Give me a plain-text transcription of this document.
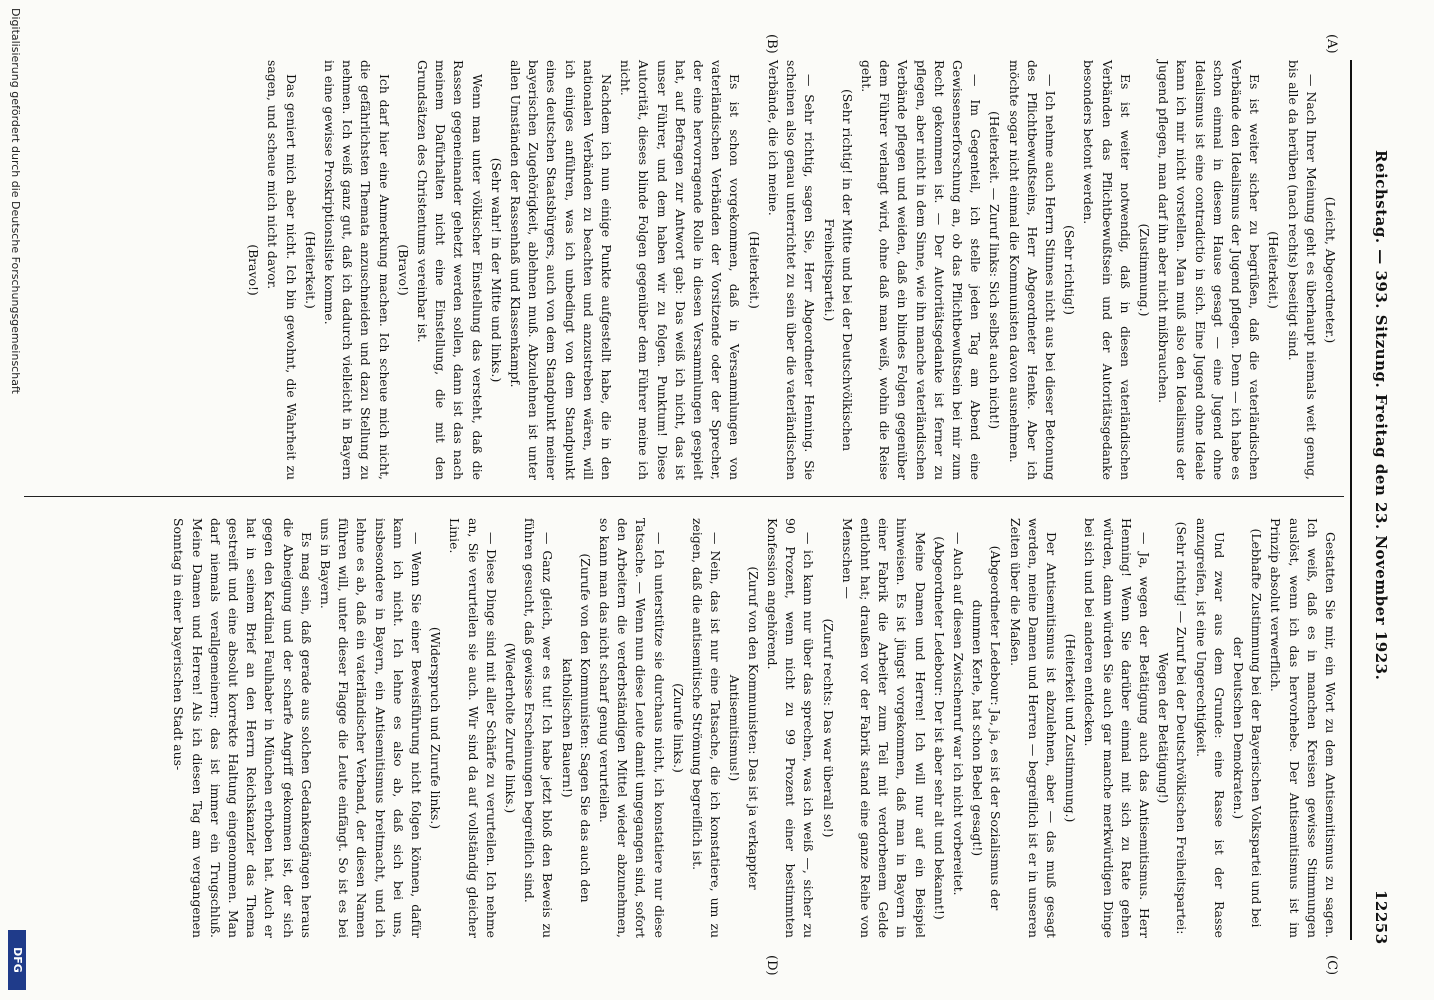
Reichstag. — 393. Sitzung. Freitag den 23. November 1923.
12253
(A)
(B)
(C)
(D)

(Leicht, Abgeordneter.)

— Nach Ihrer Meinung geht es überhaupt niemals weit genug, bis alle da herüben (nach rechts) beseitigt sind.

(Heiterkeit.)

Es ist weiter sicher zu begrüßen, daß die vaterländischen Verbände den Idealismus der Jugend pflegen. Denn — ich habe es schon einmal in diesem Hause gesagt — eine Jugend ohne Idealismus ist eine contradictio in sich. Eine Jugend ohne Ideale kann ich mir nicht vorstellen. Man muß also den Idealismus der Jugend pflegen, man darf ihn aber nicht mißbrauchen.

(Zustimmung.)

Es ist weiter notwendig, daß in diesen vaterländischen Verbänden das Pflichtbewußtsein und der Autoritätsgedanke besonders betont werden.

(Sehr richtig!)

— Ich nehme auch Herrn Stinnes nicht aus bei dieser Betonung des Pflichtbewußtseins, Herr Abgeordneter Henke. Aber ich möchte sogar nicht einmal die Kommunisten davon ausnehmen.

(Heiterkeit. — Zuruf links: Sich selbst auch nicht!)

— Im Gegenteil, ich stelle jeden Tag am Abend eine Gewissenserforschung an, ob das Pflichtbewußtsein bei mir zum Recht gekommen ist. — Der Autoritätsgedanke ist ferner zu pflegen, aber nicht in dem Sinne, wie ihn manche vaterländischen Verbände pflegen und weiden, daß ein blindes Folgen gegenüber dem Führer verlangt wird, ohne daß man weiß, wohin die Reise geht.

(Sehr richtig! in der Mitte und bei der Deutschvölkischen Freiheitspartei.)

— Sehr richtig, sagen Sie, Herr Abgeordneter Henning. Sie scheinen also genau unterrichtet zu sein über die vaterländischen Verbände, die ich meine.

(Heiterkeit.)

Es ist schon vorgekommen, daß in Versammlungen von vaterländischen Verbänden der Vorsitzende oder der Sprecher, der eine hervorragende Rolle in diesen Versammlungen gespielt hat, auf Befragen zur Antwort gab: Das weiß ich nicht, das ist unser Führer, und dem haben wir zu folgen. Punktum! Diese Autorität, dieses blinde Folgen gegenüber dem Führer meine ich nicht.

Nachdem ich nun einige Punkte aufgestellt habe, die in den nationalen Verbänden zu beachten und anzustreben wären, will ich einiges anführen, was ich unbedingt von dem Standpunkt eines deutschen Staatsbürgers, auch von dem Standpunkt meiner bayerischen Zugehörigkeit, ablehnen muß. Abzulehnen ist unter allen Umständen der Rassenhaß und Klassenkampf.

(Sehr wahr! in der Mitte und links.)

Wenn man unter völkischer Einstellung das versteht, daß die Rassen gegeneinander gehetzt werden sollen, dann ist das nach meinem Dafürhalten nicht eine Einstellung, die mit den Grundsätzen des Christentums vereinbar ist.

(Bravo!)

Ich darf hier eine Anmerkung machen. Ich scheue mich nicht, die gefährlichsten Themata anzuschneiden und dazu Stellung zu nehmen. Ich weiß ganz gut, daß ich dadurch vielleicht in Bayern in eine gewisse Proskriptionsliste komme.

(Heiterkeit.)

Das geniert mich aber nicht. Ich bin gewohnt, die Wahrheit zu sagen, und scheue mich nicht davor.

(Bravo!)

Gestatten Sie mir, ein Wort zu dem Antisemitismus zu sagen. Ich weiß, daß es in manchen Kreisen gewisse Stimmungen auslöst, wenn ich das hervorhebe. Der Antisemitismus ist im Prinzip absolut verwerflich.

(Lebhafte Zustimmung bei der Bayerischen Volkspartei und bei der Deutschen Demokraten.)

Und zwar aus dem Grunde: eine Rasse ist der Rasse anzugreifen, ist eine Ungerechtigkeit.

(Sehr richtig! — Zuruf bei der Deutschvölkischen Freiheitspartei: Wegen der Betätigung!)

— Ja, wegen der Betätigung auch das Antisemitismus. Herr Henning! Wenn Sie darüber einmal mit sich zu Rate gehen würden, dann würden Sie auch gar manche merkwürdigen Dinge bei sich und bei anderen entdecken.

(Heiterkeit und Zustimmung.)

Der Antisemitismus ist abzulehnen, aber — das muß gesagt werden, meine Damen und Herren — begreiflich ist er in unseren Zeiten über die Maßen.

(Abgeordneter Ledebour: Ja, ja, es ist der Sozialismus der dummen Kerle, hat schon Bebel gesagt!)

— Auch auf diesen Zwischenruf war ich nicht vorbereitet.

(Abgeordneter Ledebour: Der ist aber sehr alt und bekannt!)

Meine Damen und Herren! Ich will nur auf ein Beispiel hinweisen. Es ist jüngst vorgekommen, daß man in Bayern in einer Fabrik die Arbeiter zum Teil mit verdorbenem Gelde entlohnt hat; draußen vor der Fabrik stand eine ganze Reihe von Menschen —

(Zuruf rechts: Das war überall so!)

— ich kann nur über das sprechen, was ich weiß —, sicher zu 90 Prozent, wenn nicht zu 99 Prozent einer bestimmten Konfession angehörend.

(Zuruf von den Kommunisten: Das ist ja verkappter Antisemitismus!)

— Nein, das ist nur eine Tatsache, die ich konstatiere, um zu zeigen, daß die antisemitische Strömung begreiflich ist.

(Zurufe links.)

— Ich unterstütze sie durchaus nicht, ich konstatiere nur diese Tatsache. — Wenn nun diese Leute damit umgegangen sind, sofort den Arbeitern die verderbständigen Mittel wieder abzunehmen, so kann man das nicht scharf genug verurteilen.

(Zurufe von den Kommunisten: Sagen Sie das auch den katholischen Bauern!)

— Ganz gleich, wer es tut! Ich habe jetzt bloß den Beweis zu führen gesucht, daß gewisse Erscheinungen begreiflich sind.

(Wiederholte Zurufe links.)

— Diese Dinge sind mit aller Schärfe zu verurteilen. Ich nehme an, Sie verurteilen sie auch. Wir sind da auf vollständig gleicher Linie.

(Widerspruch und Zurufe links.)

— Wenn Sie einer Beweisführung nicht folgen können, dafür kann ich nicht. Ich lehne es also ab, daß sich bei uns, insbesondere in Bayern, ein Antisemitismus breitmacht, und ich lehne es ab, daß ein vaterländischer Verband, der diesen Namen führen will, unter dieser Flagge die Leute einfängt. So ist es bei uns in Bayern.

Es mag sein, daß gerade aus solchen Gedankengängen heraus die Abneigung und der scharfe Angriff gekommen ist, der sich gegen den Kardinal Faulhaber in München erhoben hat. Auch er hat in seinem Brief an den Herrn Reichskanzler das Thema gestreift und eine absolut korrekte Haltung eingenommen. Man darf niemals verallgemeinern; das ist immer ein Trugschluß. Meine Damen und Herren! Als ich diesen Tag am vergangenen Sonntag in einer bayerischen Stadt aus-

Digitalisierung gefördert durch die Deutsche Forschungsgemeinschaft
DFG
